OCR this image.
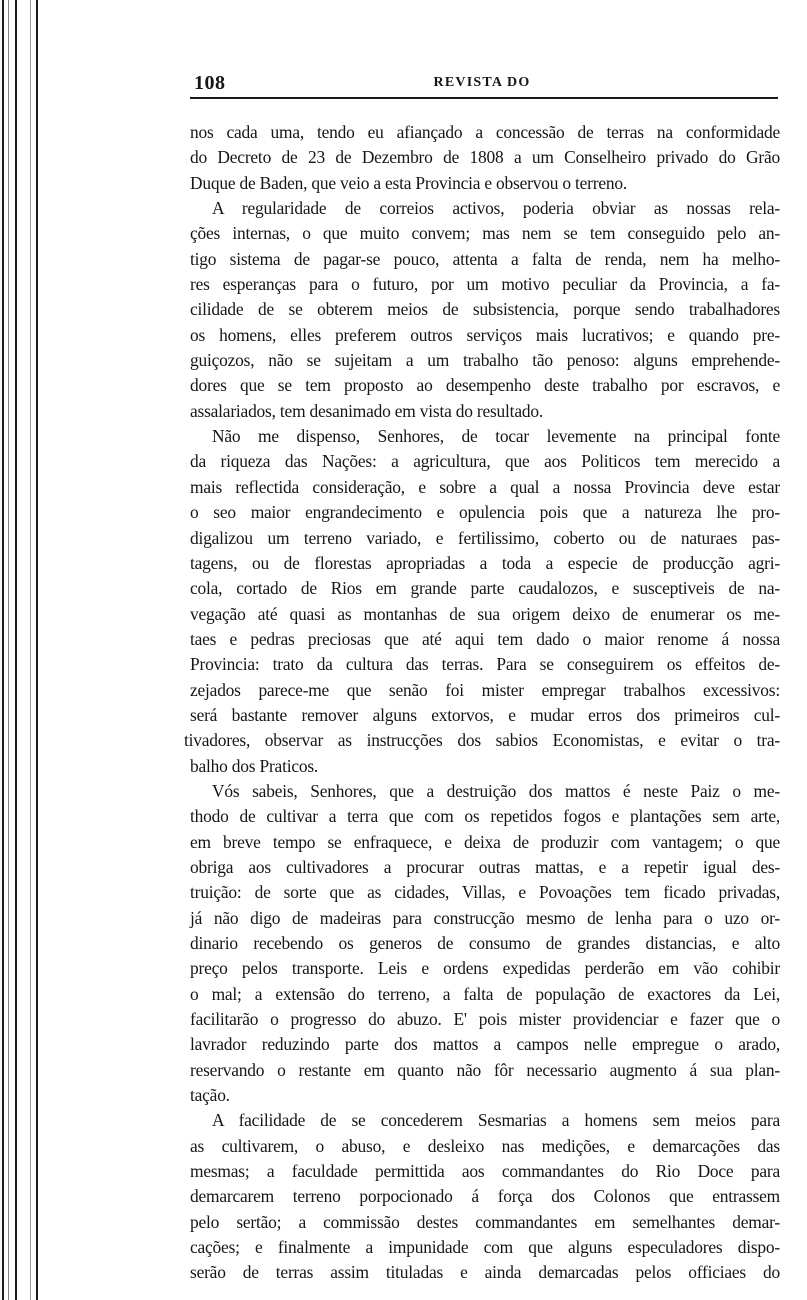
108	REVISTA DO
nos cada uma, tendo eu afiançado a concessão de terras na conformidade
do Decreto de 23 de Dezembro de 1808 a um Conselheiro privado do Grão
Duque de Baden, que veio a esta Provincia e observou o terreno.
A regularidade de correios activos, poderia obviar as nossas rela-
ções internas, o que muito convem; mas nem se tem conseguido pelo an-
tigo sistema de pagar-se pouco, attenta a falta de renda, nem ha melho-
res esperanças para o futuro, por um motivo peculiar da Provincia, a fa-
cilidade de se obterem meios de subsistencia, porque sendo trabalhadores
os homens, elles preferem outros serviços mais lucrativos; e quando pre-
guiçozos, não se sujeitam a um trabalho tão penoso: alguns emprehende-
dores que se tem proposto ao desempenho deste trabalho por escravos, e
assalariados, tem desanimado em vista do resultado.
Não me dispenso, Senhores, de tocar levemente na principal fonte
da riqueza das Nações: a agricultura, que aos Politicos tem merecido a
mais reflectida consideração, e sobre a qual a nossa Provincia deve estar
o seo maior engrandecimento e opulencia pois que a natureza lhe pro-
digalizou um terreno variado, e fertilissimo, coberto ou de naturaes pas-
tagens, ou de florestas apropriadas a toda a especie de producção agri-
cola, cortado de Rios em grande parte caudalozos, e susceptiveis de na-
vegação até quasi as montanhas de sua origem deixo de enumerar os me-
taes e pedras preciosas que até aqui tem dado o maior renome á nossa
Provincia: trato da cultura das terras. Para se conseguirem os effeitos de-
zejados parece-me que senão foi mister empregar trabalhos excessivos:
será bastante remover alguns extorvos, e mudar erros dos primeiros cul-
tivadores, observar as instrucções dos sabios Economistas, e evitar o tra-
balho dos Praticos.
Vós sabeis, Senhores, que a destruição dos mattos é neste Paiz o me-
thodo de cultivar a terra que com os repetidos fogos e plantações sem arte,
em breve tempo se enfraquece, e deixa de produzir com vantagem; o que
obriga aos cultivadores a procurar outras mattas, e a repetir igual des-
truição: de sorte que as cidades, Villas, e Povoações tem ficado privadas,
já não digo de madeiras para construcção mesmo de lenha para o uzo or-
dinario recebendo os generos de consumo de grandes distancias, e alto
preço pelos transporte. Leis e ordens expedidas perderão em vão cohibir
o mal; a extensão do terreno, a falta de população de exactores da Lei,
facilitarão o progresso do abuzo. E' pois mister providenciar e fazer que o
lavrador reduzindo parte dos mattos a campos nelle empregue o arado,
reservando o restante em quanto não fôr necessario augmento á sua plan-
tação.
A facilidade de se concederem Sesmarias a homens sem meios para
as cultivarem, o abuso, e desleixo nas medições, e demarcações das
mesmas; a faculdade permittida aos commandantes do Rio Doce para
demarcarem terreno porpocionado á força dos Colonos que entrassem
pelo sertão; a commissão destes commandantes em semelhantes demar-
cações; e finalmente a impunidade com que alguns especuladores dispo-
serão de terras assim tituladas e ainda demarcadas pelos officiaes do
